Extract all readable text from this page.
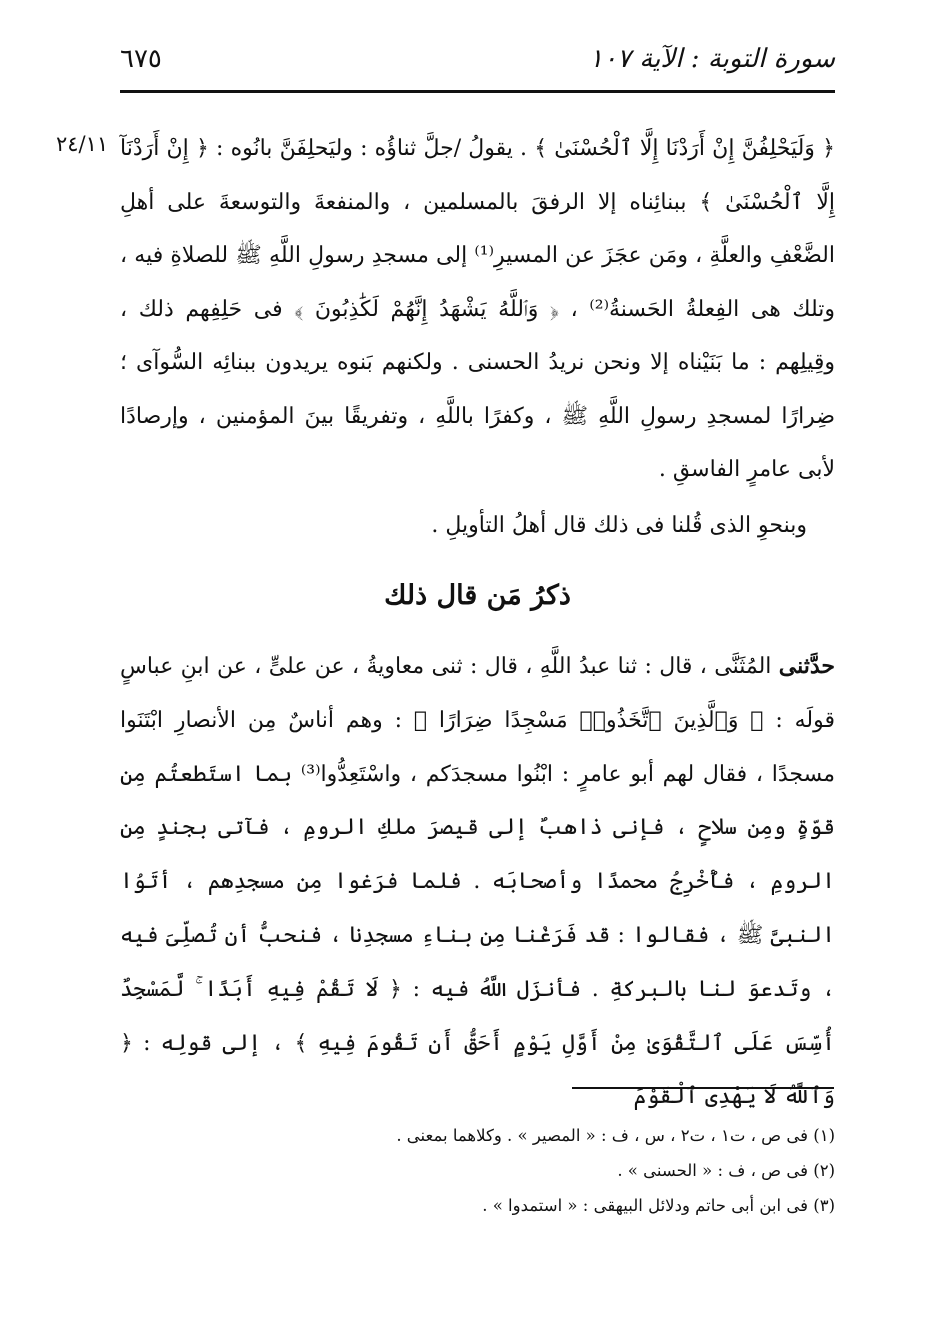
سورة التوبة : الآية ١٠٧
٦٧٥
٢٤/١١ ﴿ وَلَيَحْلِفُنَّ إِنْ أَرَدْنَا إِلَّا ٱلْحُسْنَىٰ ﴾ . يقولُ /جلَّ ثناؤُه : وليَحلِفَنَّ بانُوه : ﴿ إِنْ أَرَدْنَآ إِلَّا ٱلْحُسْنَىٰ ﴾ ببنائِناه إلا الرفقَ بالمسلمين ، والمنفعةَ والتوسعةَ على أهلِ الضَّعْفِ والعلَّةِ ، ومَن عجَزَ عن المسيرِ⁽¹⁾ إلى مسجدِ رسولِ اللَّهِ ﷺ للصلاةِ فيه ، وتلك هى الفِعلةُ الحَسنةُ⁽²⁾ ، ﴿ وَٱللَّهُ يَشْهَدُ إِنَّهُمْ لَكَٰذِبُونَ ﴾ فى حَلِفِهم ذلك ، وقِيلِهم : ما بَنَيْناه إلا ونحن نريدُ الحسنى . ولكنهم بَنوه يريدون ببنائِه السُّوآى ؛ ضِرارًا لمسجدِ رسولِ اللَّهِ ﷺ ، وكفرًا باللَّهِ ، وتفريقًا بينَ المؤمنين ، وإرصادًا لأبى عامرٍ الفاسقِ .

وبنحوِ الذى قُلنا فى ذلك قال أهلُ التأويلِ .

ذكرُ مَن قال ذلك

حدَّثنى المُثَنَّى ، قال : ثنا عبدُ اللَّهِ ، قال : ثنى معاويةُ ، عن علىٍّ ، عن ابنِ عباسٍ قولَه : ﴿ وَٱلَّذِينَ ٱتَّخَذُوا۟ مَسْجِدًا ضِرَارًا ﴾ : وهم أناسٌ مِن الأنصارِ ابْتَنَوا مسجدًا ، فقال لهم أبو عامرٍ : ابْنُوا مسجدَكم ، واسْتَعِدُّوا⁽³⁾ بما استَطعتُم مِن قوّةٍ ومِن سلاحٍ ، فإنى ذاهبٌ إلى قيصرَ ملكِ الرومِ ، فآتى بجندٍ مِن الرومِ ، فأُخْرِجُ محمدًا وأصحابَه . فلما فرَغوا مِن مسجدِهم ، أتَوُا النبىَّ ﷺ ، فقالوا : قد فَرَغْنا مِن بناءِ مسجدِنا ، فنحبُّ أن تُصلِّىَ فيه ، وتَدعوَ لنا بالبركةِ . فأنزَل اللَّهُ فيه : ﴿ لَا تَقُمْ فِيهِ أَبَدًا ۚ لَّمَسْجِدٌ أُسِّسَ عَلَى ٱلتَّقْوَىٰ مِنْ أَوَّلِ يَوْمٍ أَحَقُّ أَن تَقُومَ فِيهِ ﴾ ، إلى قولِه : ﴿ وَٱللَّهُ لَا يَهْدِى ٱلْقَوْمَ

(١) فى ص ، ت١ ، ت٢ ، س ، ف : « المصير » . وكلاهما بمعنى .
(٢) فى ص ، ف : « الحسنى » .
(٣) فى ابن أبى حاتم ودلائل البيهقى : « استمدوا » .
